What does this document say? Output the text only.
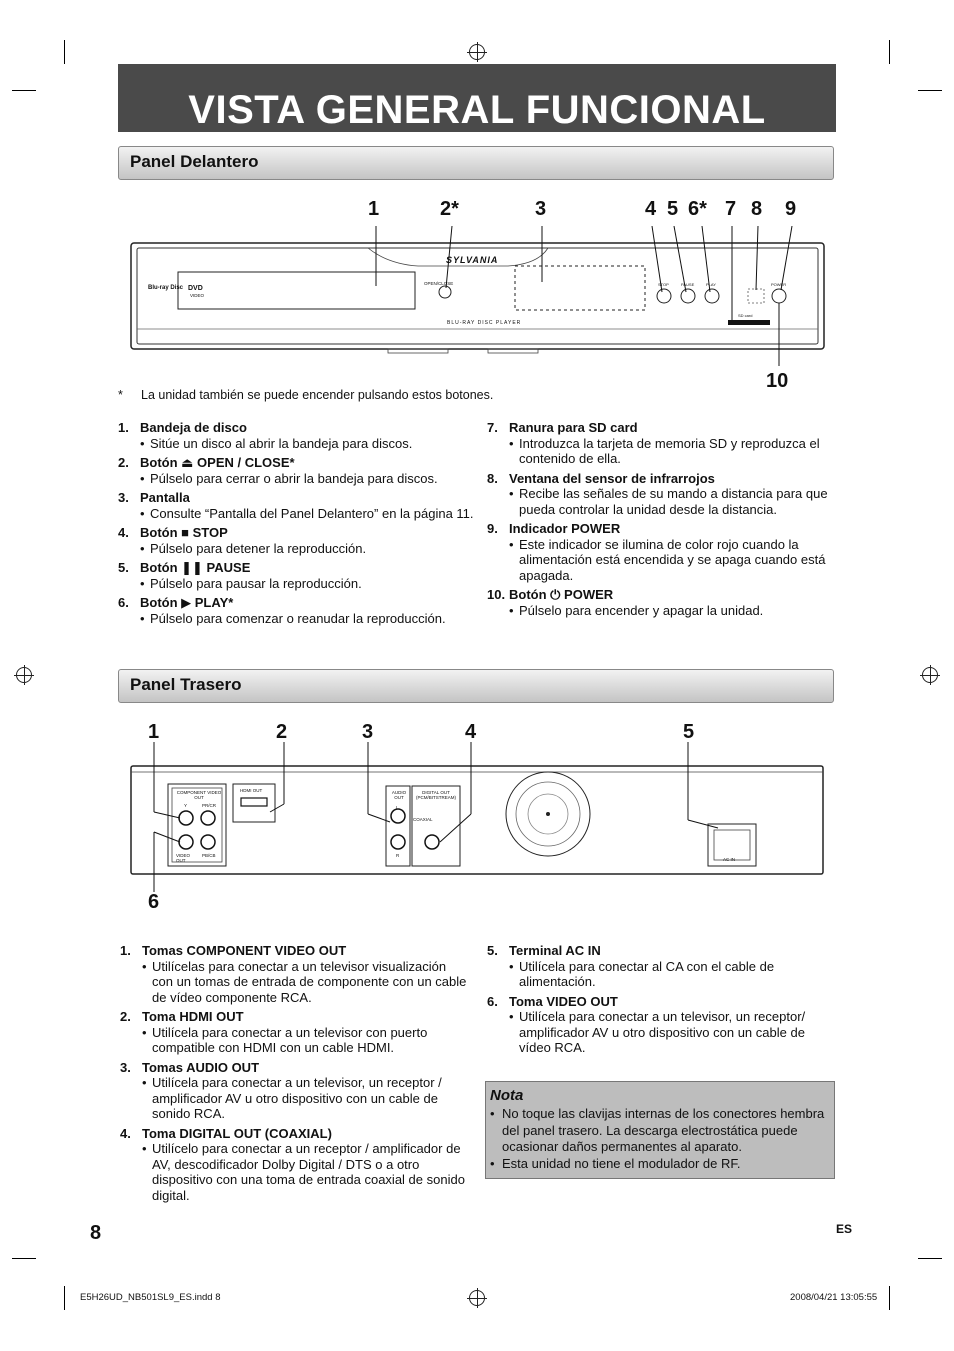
VISTA GENERAL FUNCIONAL
Panel Delantero
1	2*	3	4 5 6* 7 8 9
10
Blu-ray Disc DVD
VIDEO
OPEN/CLOSE
SYLVANIA
STOP	PAUSE	PLAY	POWER
SD card
BLU-RAY DISC PLAYER
* La unidad también se puede encender pulsando estos botones.
1. Bandeja de disco
• Sitúe un disco al abrir la bandeja para discos.
2. Botón ⏏ OPEN / CLOSE*
• Púlselo para cerrar o abrir la bandeja para discos.
3. Pantalla
• Consulte “Pantalla del Panel Delantero” en la página 11.
4. Botón ■ STOP
• Púlselo para detener la reproducción.
5. Botón ❚❚ PAUSE
• Púlselo para pausar la reproducción.
6. Botón ▶ PLAY*
• Púlselo para comenzar o reanudar la reproducción.
7. Ranura para SD card
• Introduzca la tarjeta de memoria SD y reproduzca el contenido de ella.
8. Ventana del sensor de infrarrojos
• Recibe las señales de su mando a distancia para que pueda controlar la unidad desde la distancia.
9. Indicador POWER
• Este indicador se ilumina de color rojo cuando la alimentación está encendida y se apaga cuando está apagada.
10. Botón ⏻ POWER
• Púlselo para encender y apagar la unidad.
Panel Trasero
1	2	3	4	5
6
COMPONENT VIDEO OUT
Y	PR/CR
PB/CB
VIDEO OUT
HDMI OUT	AUDIO OUT
L
R
DIGITAL OUT (PCM/BITSTREAM)
COAXIAL
AC IN
1. Tomas COMPONENT VIDEO OUT
• Utilícelas para conectar a un televisor visualización con un tomas de entrada de componente con un cable de vídeo componente RCA.
2. Toma HDMI OUT
• Utilícela para conectar a un televisor con puerto compatible con HDMI con un cable HDMI.
3. Tomas AUDIO OUT
• Utilícela para conectar a un televisor, un receptor / amplificador AV u otro dispositivo con un cable de sonido RCA.
4. Toma DIGITAL OUT (COAXIAL)
• Utilícelo para conectar a un receptor / amplificador de AV, descodificador Dolby Digital / DTS o a otro dispositivo con una toma de entrada coaxial de sonido digital.
5. Terminal AC IN
• Utilícela para conectar al CA con el cable de alimentación.
6. Toma VIDEO OUT
• Utilícela para conectar a un televisor, un receptor/ amplificador AV u otro dispositivo con un cable de vídeo RCA.
Nota
• No toque las clavijas internas de los conectores hembra del panel trasero. La descarga electrostática puede ocasionar daños permanentes al aparato.
• Esta unidad no tiene el modulador de RF.
8	ES
E5H26UD_NB501SL9_ES.indd 8	2008/04/21 13:05:55
